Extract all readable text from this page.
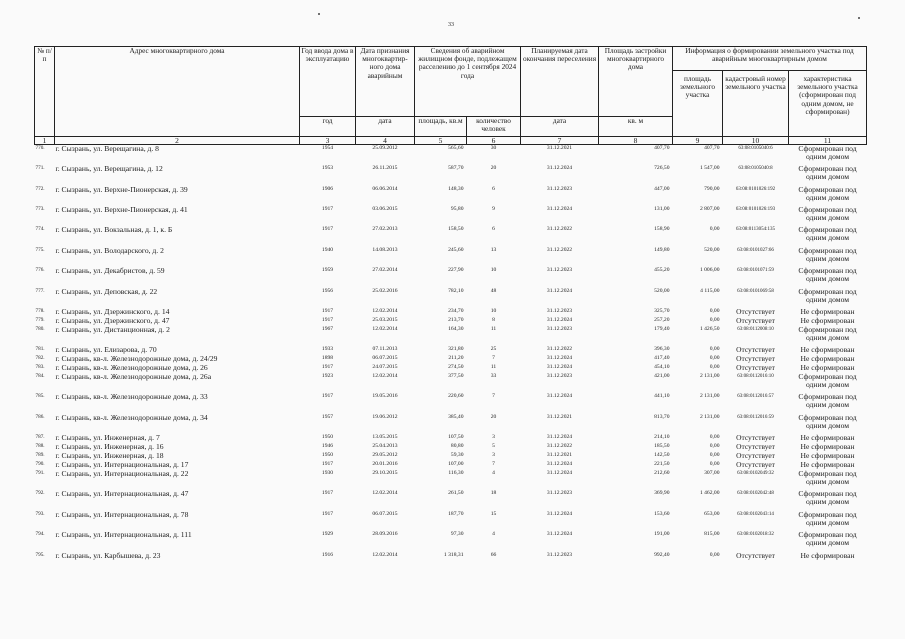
33
№ п/п	Адрес многоквартирного дома	Год ввода дома в эксплуатацию	Дата признания многоквартир-ного дома аварийным	Сведения об аварийном жилищном фонде, подлежащем расселению до 1 сентября 2024 года		Планируемая дата окончания переселения	Площадь застройки многоквартирного дома	Информация о формировании земельного участка под аварийным многоквартирным домом		
								площадь земельного участка	кадастровый номер земельного участка	характеристика земельного участка (сформирован под одним домом, не сформирован)
		год	дата	площадь, кв.м	количество человек	дата	кв. м			
1	2	3	4	5	6	7	8	9	10	11
770.	г. Сызрань, ул. Верещагина, д. 8	1954	25.09.2012	565,60	30	31.12.2021	407,70	407,70	63:08:0105040:6	Сформирован под одним домом
771.	г. Сызрань, ул. Верещагина, д. 12	1953	26.11.2015	587,70	20	31.12.2024	726,50	1 547,00	63:08:0105040:8	Сформирован под одним домом
772.	г. Сызрань, ул. Верхне-Пионерская, д. 39	1906	06.06.2014	148,30	6	31.12.2023	447,00	790,00	63:08:0101026:192	Сформирован под одним домом
773.	г. Сызрань, ул. Верхне-Пионерская, д. 41	1917	03.06.2015	95,80	9	31.12.2024	131,00	2 807,00	63:08:0101026:193	Сформирован под одним домом
774.	г. Сызрань, ул. Вокзальная, д. 1, к. Б	1917	27.02.2013	158,50	6	31.12.2022	158,90	0,00	63:08:0113054:135	Сформирован под одним домом
775.	г. Сызрань, ул. Володарского, д. 2	1940	14.08.2013	245,60	13	31.12.2022	149,80	520,00	63:08:0101027:66	Сформирован под одним домом
776.	г. Сызрань, ул. Декабристов, д. 59	1959	27.02.2014	227,90	10	31.12.2023	455,20	1 006,00	63:08:0101071:59	Сформирован под одним домом
777.	г. Сызрань, ул. Деповская, д. 22	1956	25.02.2016	782,10	48	31.12.2024	520,00	4 115,00	63:08:0101069:58	Сформирован под одним домом
778.	г. Сызрань, ул. Дзержинского, д. 14	1917	12.02.2014	234,70	10	31.12.2023	325,70	0,00	Отсутствует	Не сформирован
779.	г. Сызрань, ул. Дзержинского, д. 47	1917	25.03.2015	213,70	8	31.12.2024	257,20	0,00	Отсутствует	Не сформирован
780.	г. Сызрань, ул. Дистанционная, д. 2	1967	12.02.2014	164,30	11	31.12.2023	179,40	1 426,50	63:08:0112008:10	Сформирован под одним домом
781.	г. Сызрань, ул. Елизарова, д. 70	1933	07.11.2013	321,80	25	31.12.2022	396,30	0,00	Отсутствует	Не сформирован
782.	г. Сызрань, кв-л. Железнодорожные дома, д. 24/29	1898	06.07.2015	211,20	7	31.12.2024	417,40	0,00	Отсутствует	Не сформирован
783.	г. Сызрань, кв-л. Железнодорожные дома, д. 26	1917	24.07.2015	274,50	11	31.12.2024	454,10	0,00	Отсутствует	Не сформирован
784.	г. Сызрань, кв-л. Железнодорожные дома, д. 26а	1923	12.02.2014	377,50	33	31.12.2023	421,00	2 131,00	63:08:0112016:10	Сформирован под одним домом
785.	г. Сызрань, кв-л. Железнодорожные дома, д. 33	1917	19.05.2016	220,60	7	31.12.2024	441,10	2 131,00	63:08:0112016:57	Сформирован под одним домом
786.	г. Сызрань, кв-л. Железнодорожные дома, д. 34	1957	19.06.2012	385,40	20	31.12.2021	813,70	2 131,00	63:08:0112016:59	Сформирован под одним домом
787.	г. Сызрань, ул. Инженерная, д. 7	1950	13.05.2015	107,50	3	31.12.2024	214,10	0,00	Отсутствует	Не сформирован
788.	г. Сызрань, ул. Инженерная, д. 16	1946	25.04.2013	80,80	5	31.12.2022	185,50	0,00	Отсутствует	Не сформирован
789.	г. Сызрань, ул. Инженерная, д. 18	1950	29.05.2012	59,30	3	31.12.2021	142,50	0,00	Отсутствует	Не сформирован
790.	г. Сызрань, ул. Интернациональная, д. 17	1917	20.01.2016	107,00	7	31.12.2024	221,50	0,00	Отсутствует	Не сформирован
791.	г. Сызрань, ул. Интернациональная, д. 22	1930	29.10.2015	116,30	4	31.12.2024	212,60	307,00	63:08:0102049:32	Сформирован под одним домом
792.	г. Сызрань, ул. Интернациональная, д. 47	1917	12.02.2014	261,50	18	31.12.2023	369,90	1 462,00	63:08:0102042:48	Сформирован под одним домом
793.	г. Сызрань, ул. Интернациональная, д. 78	1917	06.07.2015	187,70	15	31.12.2024	153,60	653,00	63:08:0102043:14	Сформирован под одним домом
794.	г. Сызрань, ул. Интернациональная, д. 111	1929	28.09.2016	97,30	4	31.12.2024	191,00	815,00	63:08:0102018:32	Сформирован под одним домом
795.	г. Сызрань, ул. Карбышева, д. 23	1916	12.02.2014	1 318,31	66	31.12.2023	992,40	0,00	Отсутствует	Не сформирован
